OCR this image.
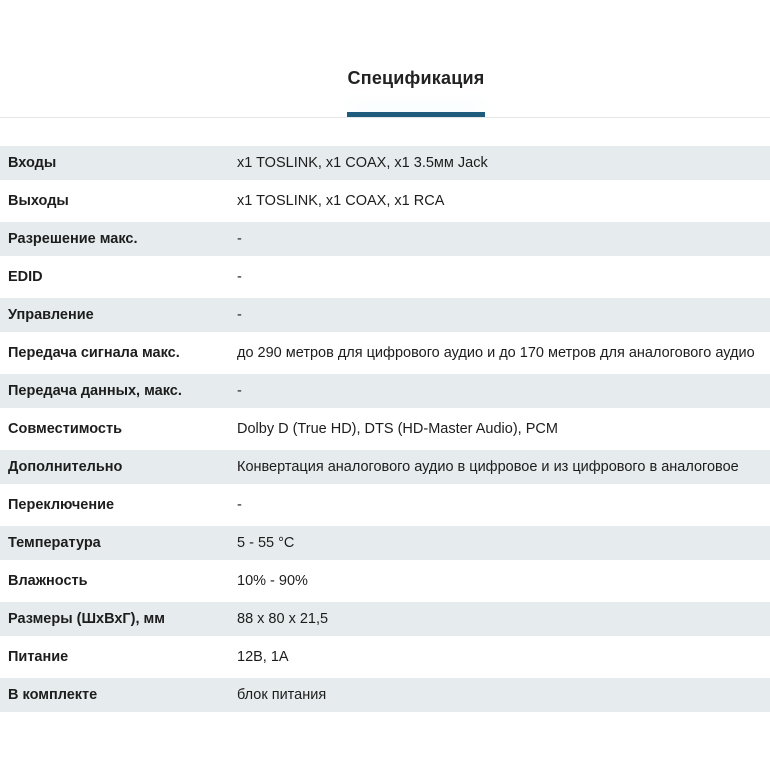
Спецификация
Входы	x1 TOSLINK, x1 COAX, x1 3.5мм Jack
Выходы	x1 TOSLINK, x1 COAX, x1 RCA
Разрешение макс.	-
EDID	-
Управление	-
Передача сигнала макс.	до 290 метров для цифрового аудио и до 170 метров для аналогового аудио
Передача данных, макс.	-
Совместимость	Dolby D (True HD), DTS (HD-Master Audio), PCM
Дополнительно	Конвертация аналогового аудио в цифровое и из цифрового в аналоговое
Переключение	-
Температура	5 - 55 °C
Влажность	10% - 90%
Размеры (ШхВхГ), мм	88 x 80 x 21,5
Питание	12В, 1А
В комплекте	блок питания
